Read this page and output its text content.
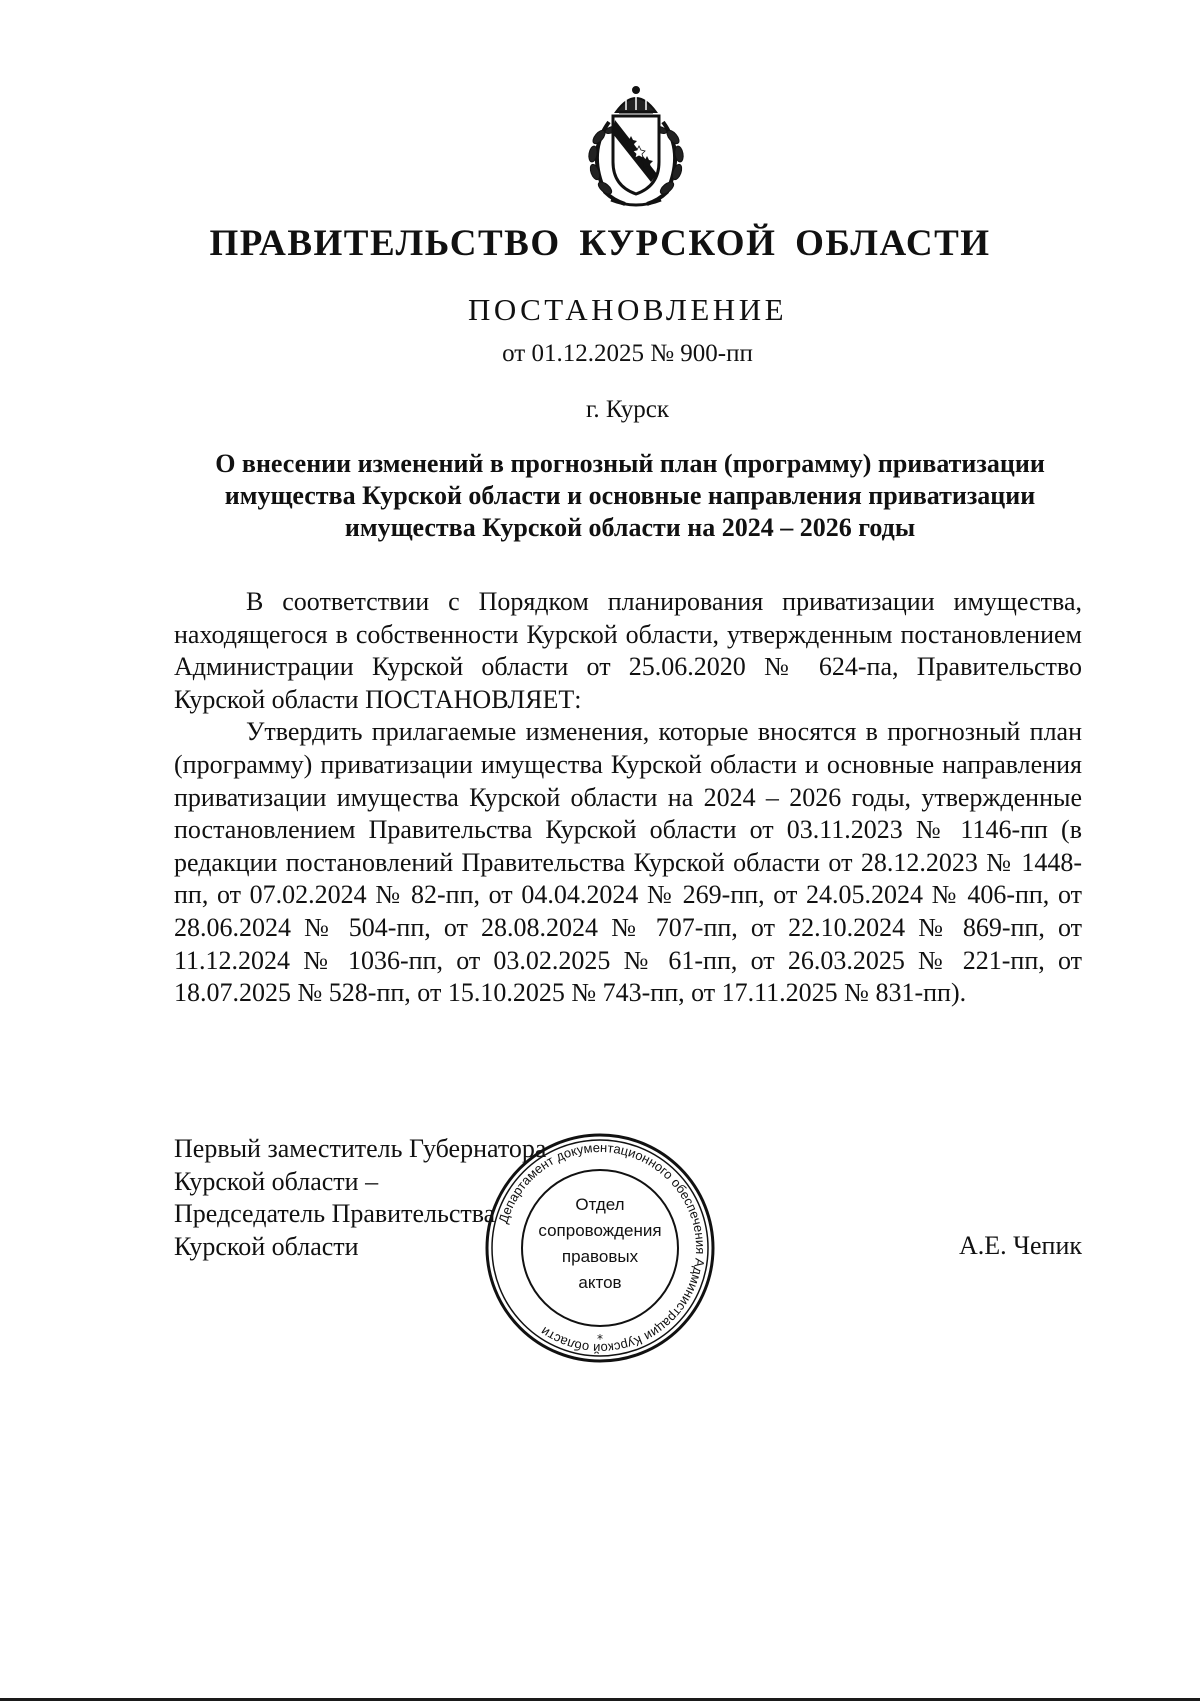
ПРАВИТЕЛЬСТВО КУРСКОЙ ОБЛАСТИ
ПОСТАНОВЛЕНИЕ
от 01.12.2025 № 900-пп
г. Курск
О внесении изменений в прогнозный план (программу) приватизации
имущества Курской области и основные направления приватизации
имущества Курской области на 2024 – 2026 годы

В соответствии с Порядком планирования приватизации имущества, находящегося в собственности Курской области, утвержденным постановлением Администрации Курской области от 25.06.2020 № 624-па, Правительство Курской области ПОСТАНОВЛЯЕТ:

Утвердить прилагаемые изменения, которые вносятся в прогнозный план (программу) приватизации имущества Курской области и основные направления приватизации имущества Курской области на 2024 – 2026 годы, утвержденные постановлением Правительства Курской области от 03.11.2023 № 1146-пп (в редакции постановлений Правительства Курской области от 28.12.2023 № 1448-пп, от 07.02.2024 № 82-пп, от 04.04.2024 № 269-пп, от 24.05.2024 № 406-пп, от 28.06.2024 № 504-пп, от 28.08.2024 № 707-пп, от 22.10.2024 № 869-пп, от 11.12.2024 № 1036-пп, от 03.02.2025 № 61-пп, от 26.03.2025 № 221-пп, от 18.07.2025 № 528-пп, от 15.10.2025 № 743-пп, от 17.11.2025 № 831-пп).

Первый заместитель Губернатора
Курской области –
Председатель Правительства
Курской области
Департамент документационного обеспечения Администрации Курской области	*
Отдел
сопровождения
правовых
актов
А.Е. Чепик
